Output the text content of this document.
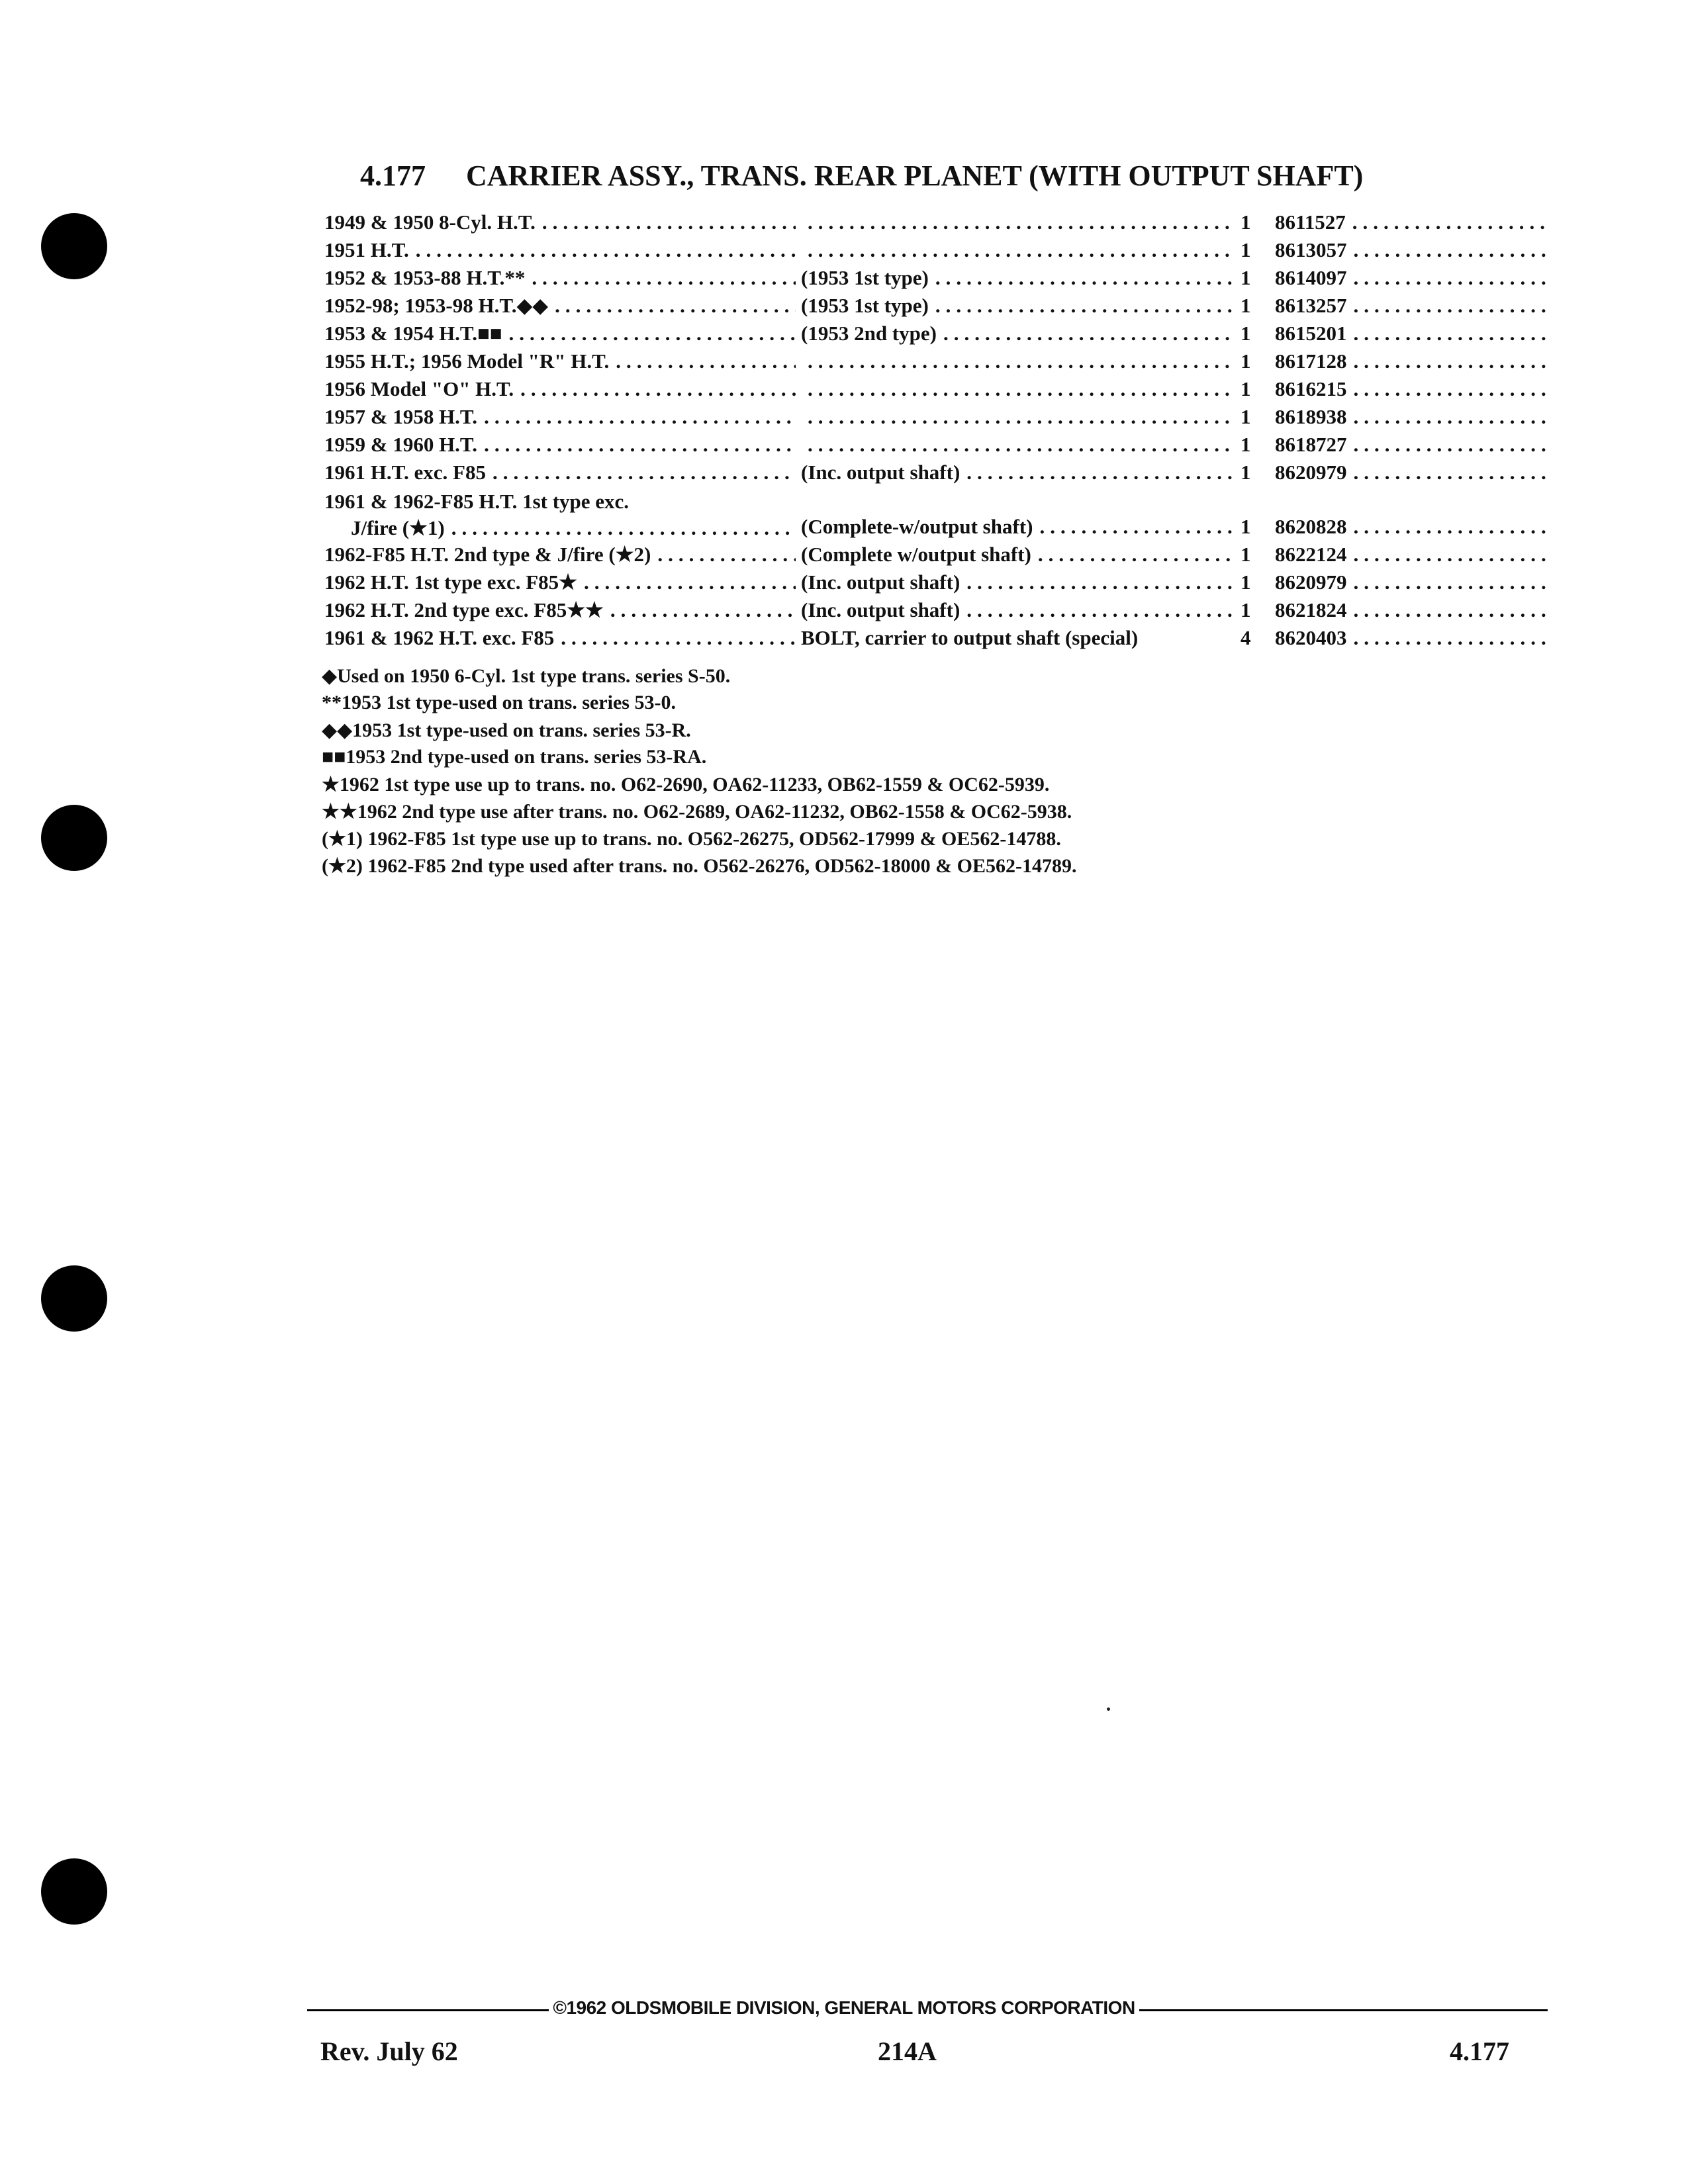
4.177 CARRIER ASSY., TRANS. REAR PLANET (WITH OUTPUT SHAFT)
1949 & 1950 8-Cyl. H.T. ..... .....	1	8611527
.....
1951 H.T. ..... .....	1	8613057
.....
1952 & 1953-88 H.T.** .....	(1953 1st type) .....	1	8614097
.....
1952-98; 1953-98 H.T.◆◆ .....	(1953 1st type) .....	1	8613257
.....
1953 & 1954 H.T.■■ .....	(1953 2nd type) .....	1	8615201
.....
1955 H.T.; 1956 Model "R" H.T. ..... .....	1	8617128
.....
1956 Model "O" H.T. ..... .....	1	8616215
.....
1957 & 1958 H.T. ..... .....	1	8618938
.....
1959 & 1960 H.T. ..... .....	1	8618727
.....
1961 H.T. exc. F85 .....	(Inc. output shaft) .....	1	8620979
.....
1961 & 1962-F85 H.T. 1st type exc.
J/fire (★1) .....	(Complete-w/output shaft) .....	1	8620828
.....
1962-F85 H.T. 2nd type & J/fire (★2) .....	(Complete w/output shaft) .....	1	8622124
.....
1962 H.T. 1st type exc. F85★ .....	(Inc. output shaft) .....	1	8620979
.....
1962 H.T. 2nd type exc. F85★★ .....	(Inc. output shaft) .....	1	8621824
.....
1961 & 1962 H.T. exc. F85 .....	BOLT, carrier to output shaft (special)	4	8620403
.....
◆Used on 1950 6-Cyl. 1st type trans. series S-50.
**1953 1st type-used on trans. series 53-0.
◆◆1953 1st type-used on trans. series 53-R.
■■1953 2nd type-used on trans. series 53-RA.
★1962 1st type use up to trans. no. O62-2690, OA62-11233, OB62-1559 & OC62-5939.
★★1962 2nd type use after trans. no. O62-2689, OA62-11232, OB62-1558 & OC62-5938.
(★1) 1962-F85 1st type use up to trans. no. O562-26275, OD562-17999 & OE562-14788.
(★2) 1962-F85 2nd type used after trans. no. O562-26276, OD562-18000 & OE562-14789.
©1962 OLDSMOBILE DIVISION, GENERAL MOTORS CORPORATION
Rev. July 62	214A	4.177
